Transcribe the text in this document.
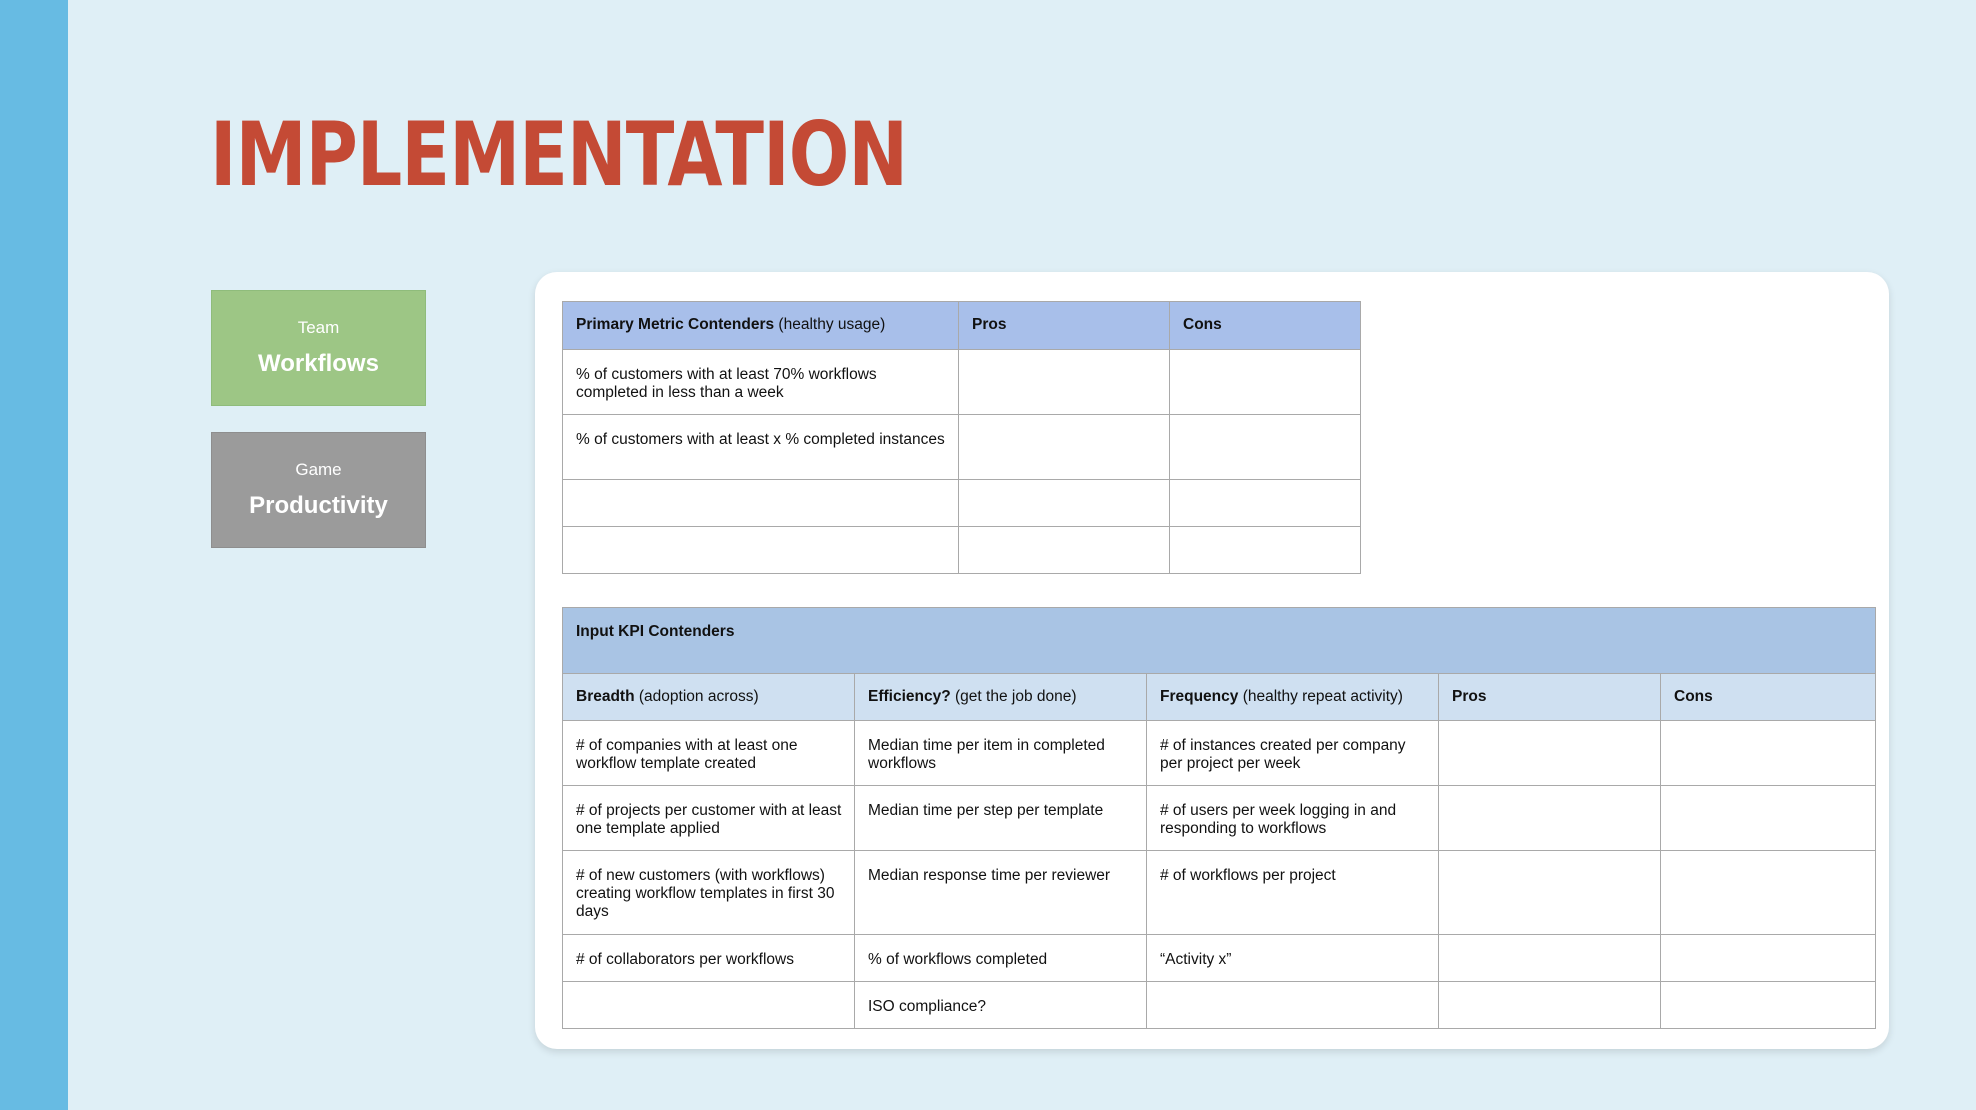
IMPLEMENTATION
Team
Workflows
Game
Productivity
Primary Metric Contenders (healthy usage)	Pros	Cons
% of customers with at least 70% workflows completed in less than a week		
% of customers with at least x % completed instances		

Input KPI Contenders				
Breadth (adoption across)	Efficiency? (get the job done)	Frequency (healthy repeat activity)	Pros	Cons
# of companies with at least one workflow template created	Median time per item in completed workflows	# of instances created per company per project per week		
# of projects per customer with at least one template applied	Median time per step per template	# of users per week logging in and responding to workflows		
# of new customers (with workflows) creating workflow templates in first 30 days	Median response time per reviewer	# of workflows per project		
# of collaborators per workflows	% of workflows completed	“Activity x”		
	ISO compliance?			
